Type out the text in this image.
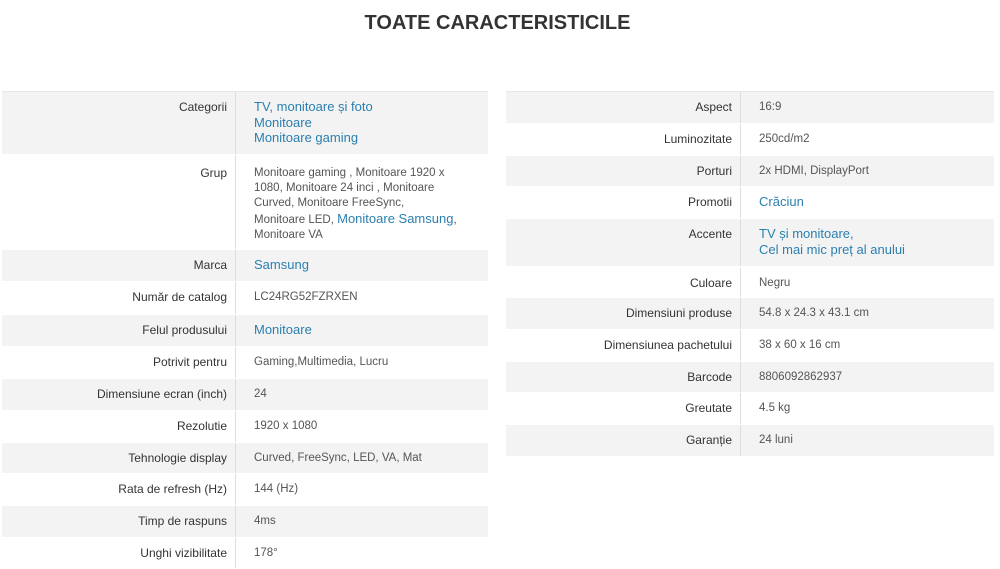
TOATE CARACTERISTICILE
Categorii	TV, monitoare și foto
Monitoare
Monitoare gaming
Grup	Monitoare gaming , Monitoare 1920 x 1080, Monitoare 24 inci , Monitoare Curved, Monitoare FreeSync, Monitoare LED, Monitoare Samsung, Monitoare VA
Marca	Samsung
Număr de catalog	LC24RG52FZRXEN
Felul produsului	Monitoare
Potrivit pentru	Gaming,Multimedia, Lucru
Dimensiune ecran (inch)	24
Rezolutie	1920 x 1080
Tehnologie display	Curved, FreeSync, LED, VA, Mat
Rata de refresh (Hz)	144 (Hz)
Timp de raspuns	4ms
Unghi vizibilitate	178°
Aspect	16:9
Luminozitate	250cd/m2
Porturi	2x HDMI, DisplayPort
Promotii	Crăciun
Accente	TV și monitoare,
Cel mai mic preț al anului
Culoare	Negru
Dimensiuni produse	54.8 x 24.3 x 43.1 cm
Dimensiunea pachetului	38 x 60 x 16 cm
Barcode	8806092862937
Greutate	4.5 kg
Garanție	24 luni
